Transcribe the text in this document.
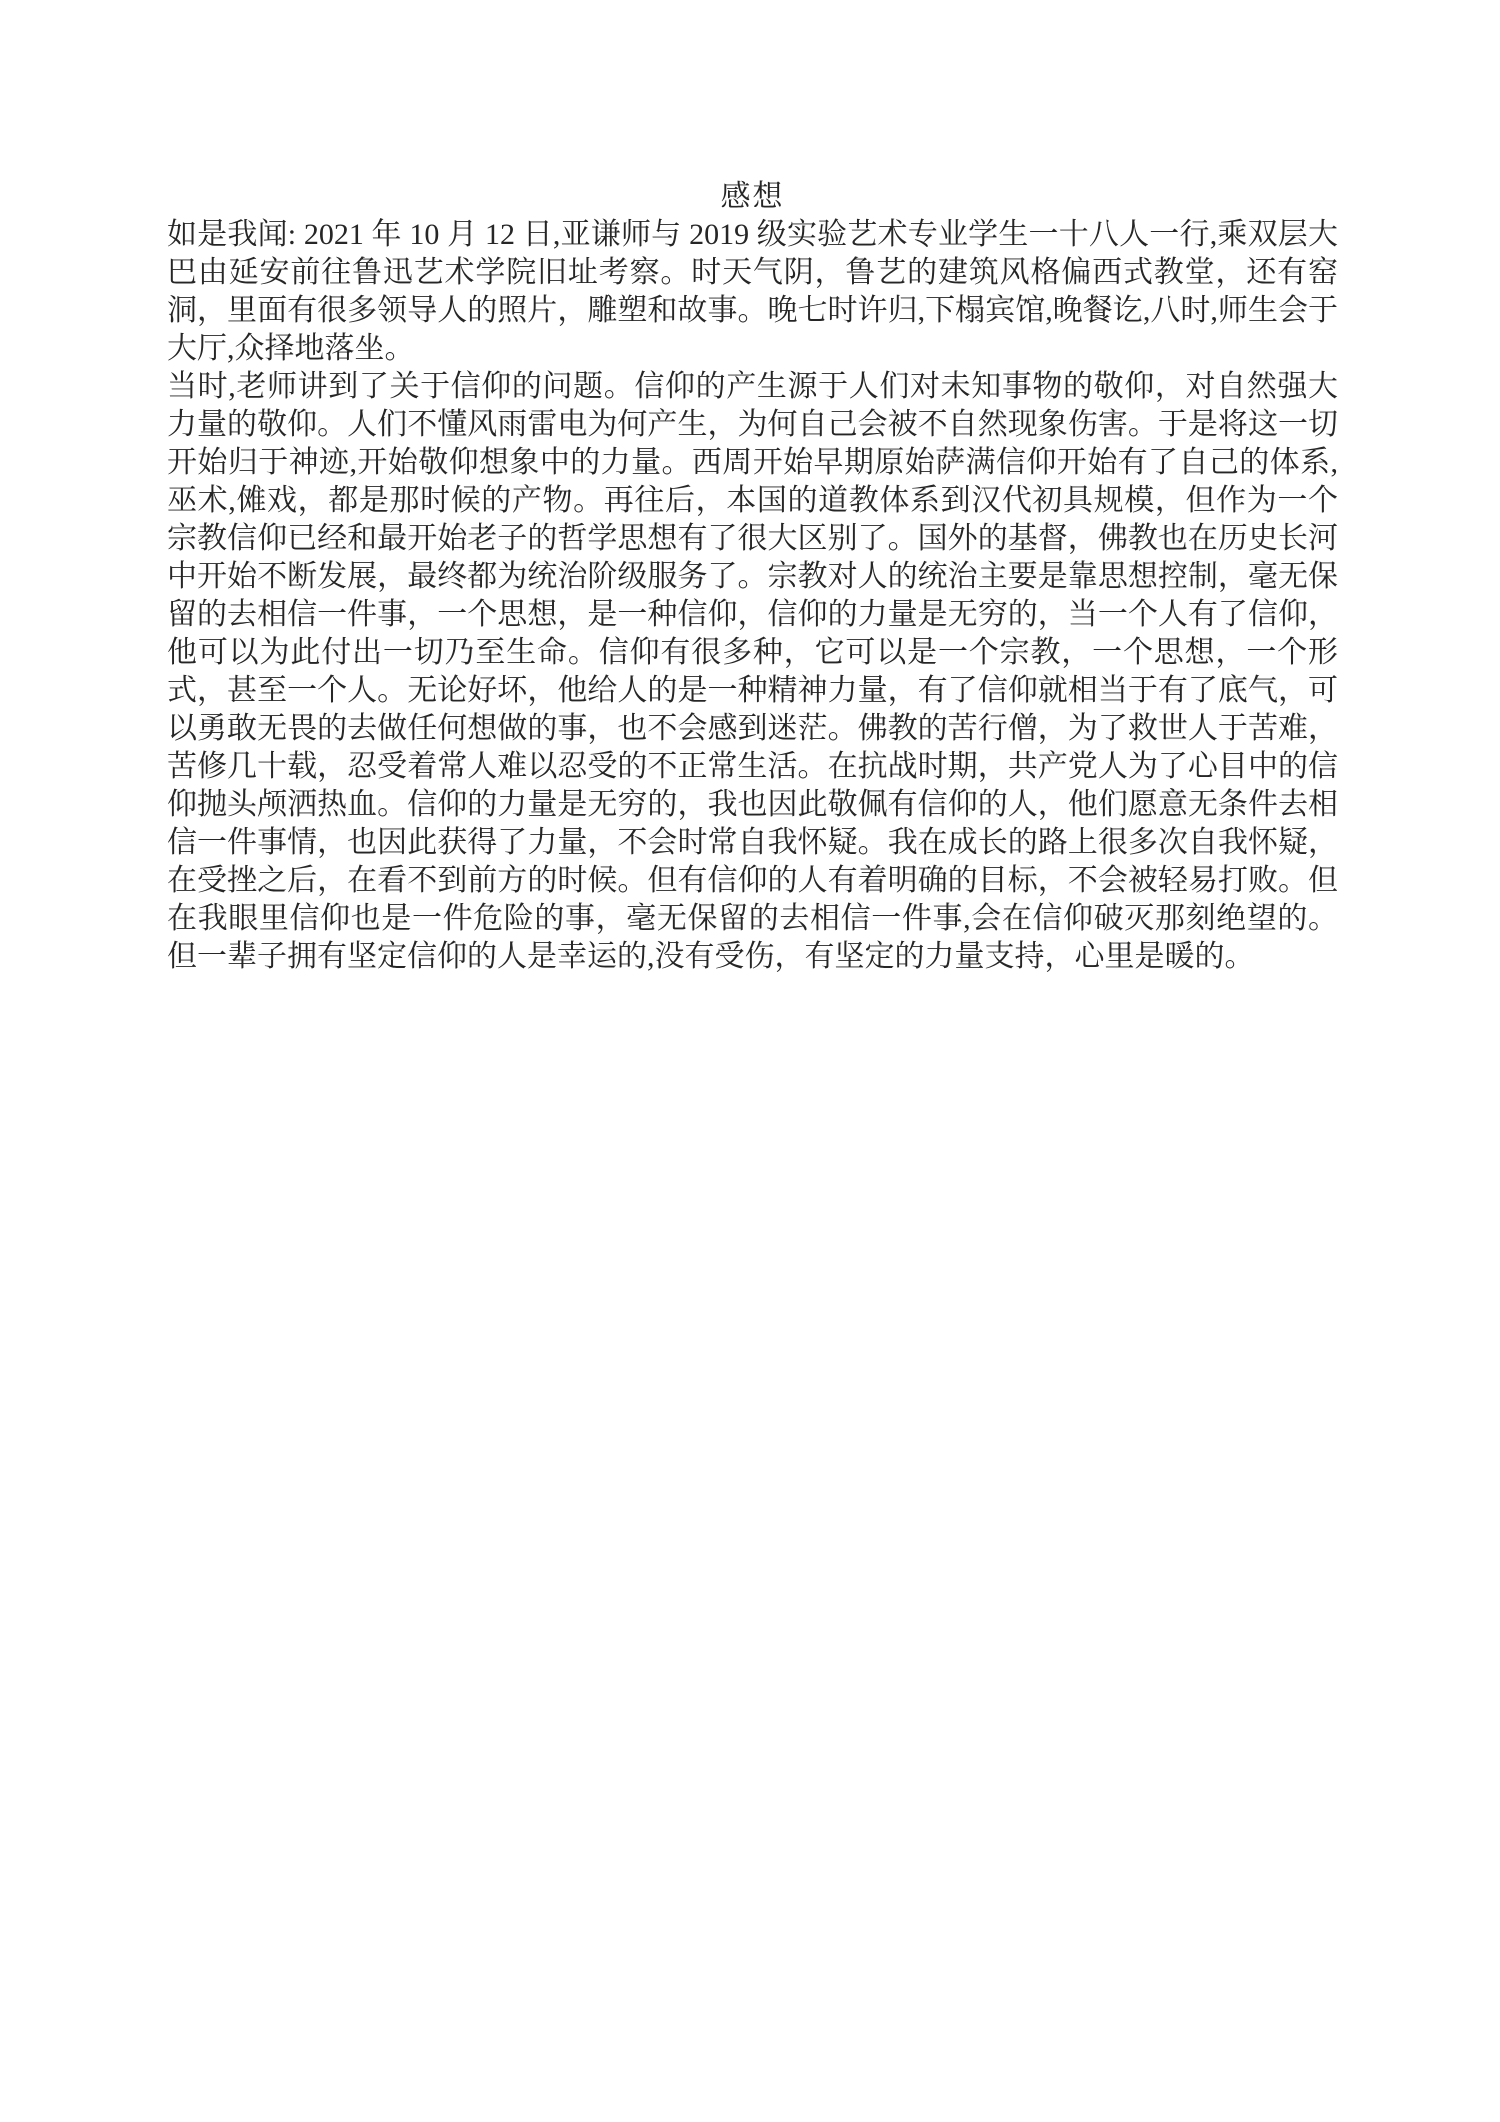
感想

如是我闻: 2021 年 10 月 12 日,亚谦师与 2019 级实验艺术专业学生一十八人一行,乘双层大巴由延安前往鲁迅艺术学院旧址考察。时天气阴，鲁艺的建筑风格偏西式教堂，还有窑洞，里面有很多领导人的照片，雕塑和故事。晚七时许归,下榻宾馆,晚餐讫,八时,师生会于大厅,众择地落坐。

当时,老师讲到了关于信仰的问题。信仰的产生源于人们对未知事物的敬仰，对自然强大力量的敬仰。人们不懂风雨雷电为何产生，为何自己会被不自然现象伤害。于是将这一切开始归于神迹,开始敬仰想象中的力量。西周开始早期原始萨满信仰开始有了自己的体系,巫术,傩戏，都是那时候的产物。再往后，本国的道教体系到汉代初具规模，但作为一个宗教信仰已经和最开始老子的哲学思想有了很大区别了。国外的基督，佛教也在历史长河中开始不断发展，最终都为统治阶级服务了。宗教对人的统治主要是靠思想控制，毫无保留的去相信一件事，一个思想，是一种信仰，信仰的力量是无穷的，当一个人有了信仰，他可以为此付出一切乃至生命。信仰有很多种，它可以是一个宗教，一个思想，一个形式，甚至一个人。无论好坏，他给人的是一种精神力量，有了信仰就相当于有了底气，可以勇敢无畏的去做任何想做的事，也不会感到迷茫。佛教的苦行僧，为了救世人于苦难，苦修几十载，忍受着常人难以忍受的不正常生活。在抗战时期，共产党人为了心目中的信仰抛头颅洒热血。信仰的力量是无穷的，我也因此敬佩有信仰的人，他们愿意无条件去相信一件事情，也因此获得了力量，不会时常自我怀疑。我在成长的路上很多次自我怀疑，在受挫之后，在看不到前方的时候。但有信仰的人有着明确的目标，不会被轻易打败。但在我眼里信仰也是一件危险的事，毫无保留的去相信一件事,会在信仰破灭那刻绝望的。但一辈子拥有坚定信仰的人是幸运的,没有受伤，有坚定的力量支持，心里是暖的。
